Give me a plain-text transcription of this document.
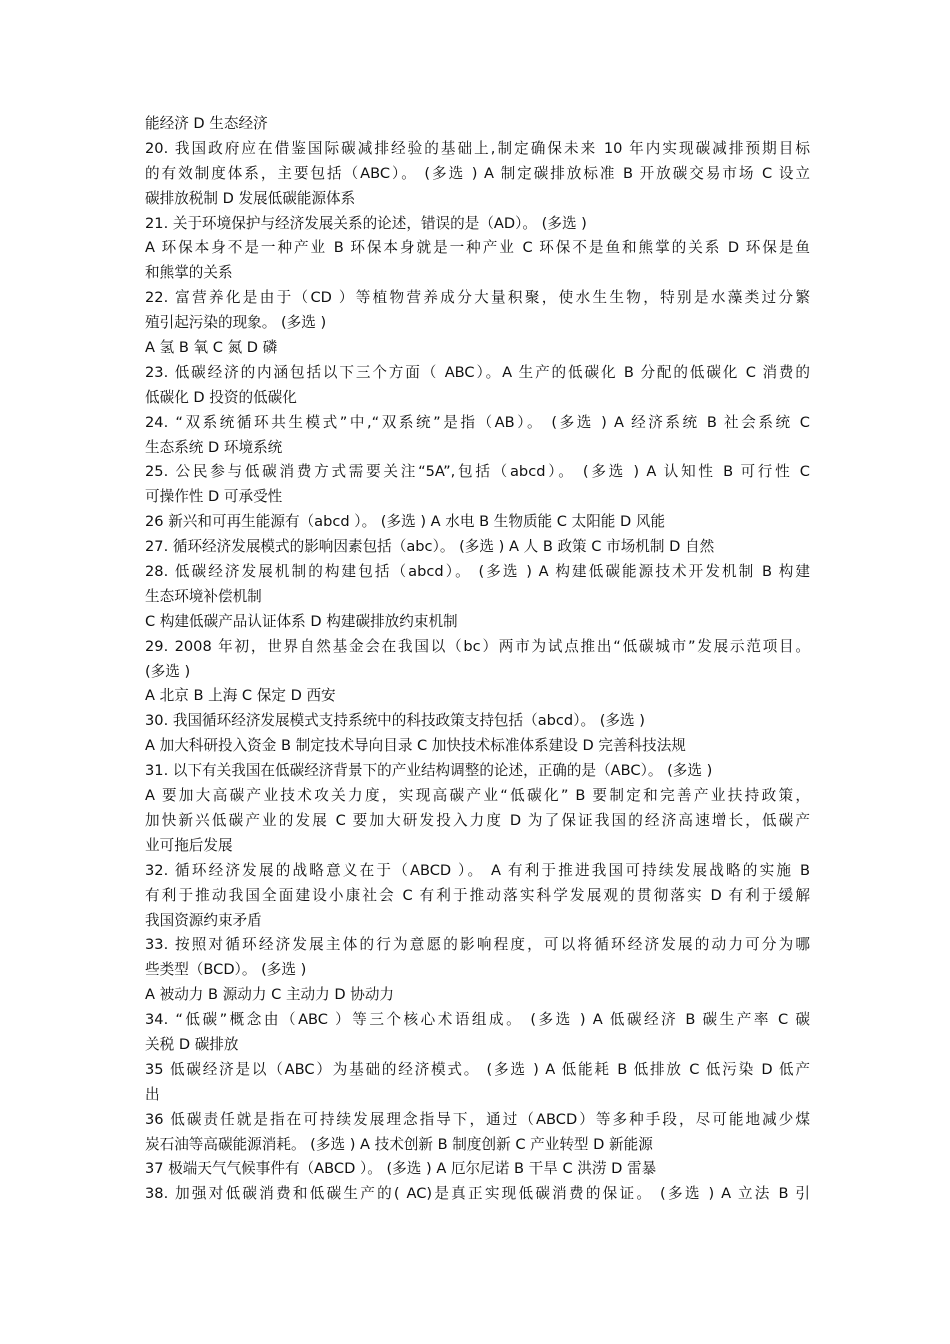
能经济 D 生态经济
20. 我国政府应在借鉴国际碳减排经验的基础上,制定确保未来 10 年内实现碳减排预期目标
的有效制度体系，主要包括（ABC）。 (多选 ) A 制定碳排放标准 B 开放碳交易市场 C 设立
碳排放税制 D 发展低碳能源体系
21. 关于环境保护与经济发展关系的论述，错误的是（AD）。 (多选 )
A 环保本身不是一种产业 B 环保本身就是一种产业 C 环保不是鱼和熊掌的关系 D 环保是鱼
和熊掌的关系
22. 富营养化是由于（CD ）等植物营养成分大量积聚，使水生生物，特别是水藻类过分繁
殖引起污染的现象。 (多选 )
A 氢 B 氧 C 氮 D 磷
23. 低碳经济的内涵包括以下三个方面（ ABC）。A 生产的低碳化 B 分配的低碳化 C 消费的
低碳化 D 投资的低碳化
24. “双系统循环共生模式”中,“双系统”是指（AB）。 (多选 ) A 经济系统 B 社会系统 C
生态系统 D 环境系统
25. 公民参与低碳消费方式需要关注“5A”,包括（abcd）。 (多选 ) A 认知性 B 可行性 C
可操作性 D 可承受性
26 新兴和可再生能源有（abcd ）。 (多选 ) A 水电 B 生物质能 C 太阳能 D 风能
27. 循环经济发展模式的影响因素包括（abc）。 (多选 ) A 人 B 政策 C 市场机制 D 自然
28. 低碳经济发展机制的构建包括（abcd）。 (多选 ) A 构建低碳能源技术开发机制 B 构建
生态环境补偿机制
C 构建低碳产品认证体系 D 构建碳排放约束机制
29. 2008 年初，世界自然基金会在我国以（bc）两市为试点推出“低碳城市”发展示范项目。
(多选 )
A 北京 B 上海 C 保定 D 西安
30. 我国循环经济发展模式支持系统中的科技政策支持包括（abcd）。 (多选 )
A 加大科研投入资金 B 制定技术导向目录 C 加快技术标准体系建设 D 完善科技法规
31. 以下有关我国在低碳经济背景下的产业结构调整的论述，正确的是（ABC）。 (多选 )
A 要加大高碳产业技术攻关力度，实现高碳产业“低碳化” B 要制定和完善产业扶持政策，
加快新兴低碳产业的发展 C 要加大研发投入力度 D 为了保证我国的经济高速增长，低碳产
业可拖后发展
32. 循环经济发展的战略意义在于（ABCD ）。 A 有利于推进我国可持续发展战略的实施 B
有利于推动我国全面建设小康社会 C 有利于推动落实科学发展观的贯彻落实 D 有利于缓解
我国资源约束矛盾
33. 按照对循环经济发展主体的行为意愿的影响程度，可以将循环经济发展的动力可分为哪
些类型（BCD）。 (多选 )
A 被动力 B 源动力 C 主动力 D 协动力
34. “低碳”概念由（ABC ）等三个核心术语组成。 (多选 ) A 低碳经济 B 碳生产率 C 碳
关税 D 碳排放
35 低碳经济是以（ABC）为基础的经济模式。 (多选 ) A 低能耗 B 低排放 C 低污染 D 低产
出
36 低碳责任就是指在可持续发展理念指导下，通过（ABCD）等多种手段，尽可能地减少煤
炭石油等高碳能源消耗。 (多选 ) A 技术创新 B 制度创新 C 产业转型 D 新能源
37 极端天气气候事件有（ABCD ）。 (多选 ) A 厄尔尼诺 B 干旱 C 洪涝 D 雷暴
38. 加强对低碳消费和低碳生产的( AC)是真正实现低碳消费的保证。 (多选 ) A 立法 B 引
